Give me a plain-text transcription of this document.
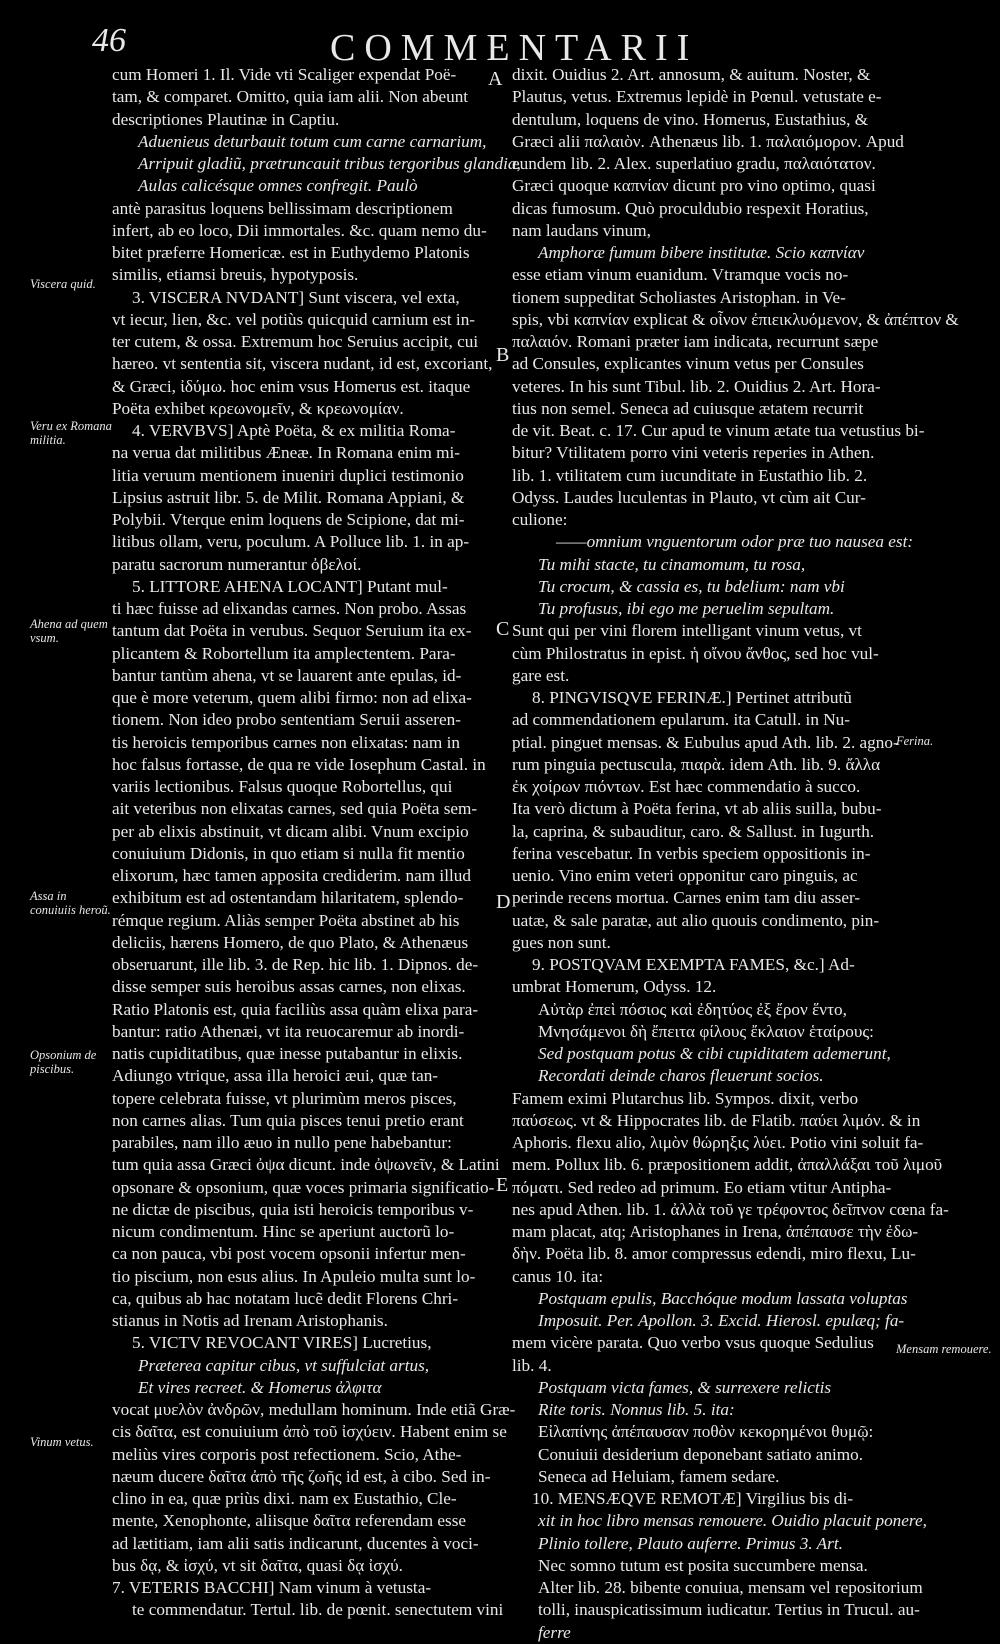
46	COMMENTARII
cum Homeri 1. Il. Vide vti Scaliger expendat Poë-
tam, & comparet. Omitto, quia iam alii. Non abeunt
descriptiones Plautinæ in Captiu.
Aduenieus deturbauit totum cum carne carnarium,
Arripuit gladiũ, prætruncauit tribus tergoribus glandia,
Aulas calicésque omnes confregit. Paulò
antè parasitus loquens bellissimam descriptionem
infert, ab eo loco, Dii immortales. &c. quam nemo du-
bitet præferre Homericæ. est in Euthydemo Platonis
similis, etiamsi breuis, hypotyposis.
3. VISCERA NVDANT] Sunt viscera, vel exta,
vt iecur, lien, &c. vel potiùs quicquid carnium est in-
ter cutem, & ossa. Extremum hoc Seruius accipit, cui
hæreo. vt sententia sit, viscera nudant, id est, excoriant,
& Græci, ἰδύμω. hoc enim vsus Homerus est. itaque
Poëta exhibet κρεωνομεῖν, & κρεωνομίαν.
4. VERVBVS] Aptè Poëta, & ex militia Roma-
na verua dat militibus Æneæ. In Romana enim mi-
litia veruum mentionem inueniri duplici testimonio
Lipsius astruit libr. 5. de Milit. Romana Appiani, &
Polybii. Vterque enim loquens de Scipione, dat mi-
litibus ollam, veru, poculum. A Polluce lib. 1. in ap-
paratu sacrorum numerantur ὀβελοί.
5. LITTORE AHENA LOCANT] Putant mul-
ti hæc fuisse ad elixandas carnes. Non probo. Assas
tantum dat Poëta in verubus. Sequor Seruium ita ex-
plicantem & Robortellum ita amplectentem. Para-
bantur tantùm ahena, vt se lauarent ante epulas, id-
que è more veterum, quem alibi firmo: non ad elixa-
tionem. Non ideo probo sententiam Seruii asseren-
tis heroicis temporibus carnes non elixatas: nam in
hoc falsus fortasse, de qua re vide Iosephum Castal. in
variis lectionibus. Falsus quoque Robortellus, qui
ait veteribus non elixatas carnes, sed quia Poëta sem-
per ab elixis abstinuit, vt dicam alibi. Vnum excipio
conuiuium Didonis, in quo etiam si nulla fit mentio
elixorum, hæc tamen apposita crediderim. nam illud
exhibitum est ad ostentandam hilaritatem, splendo-
rémque regium. Aliàs semper Poëta abstinet ab his
deliciis, hærens Homero, de quo Plato, & Athenæus
obseruarunt, ille lib. 3. de Rep. hic lib. 1. Dipnos. de-
disse semper suis heroibus assas carnes, non elixas.
Ratio Platonis est, quia faciliùs assa quàm elixa para-
bantur: ratio Athenæi, vt ita reuocaremur ab inordi-
natis cupiditatibus, quæ inesse putabantur in elixis.
Adiungo vtrique, assa illa heroici æui, quæ tan-
topere celebrata fuisse, vt plurimùm meros pisces,
non carnes alias. Tum quia pisces tenui pretio erant
parabiles, nam illo æuo in nullo pene habebantur:
tum quia assa Græci ὀψα dicunt. inde ὀψωνεῖν, & Latini
opsonare & opsonium, quæ voces primaria significatio-
ne dictæ de piscibus, quia isti heroicis temporibus v-
nicum condimentum. Hinc se aperiunt auctorũ lo-
ca non pauca, vbi post vocem opsonii infertur men-
tio piscium, non esus alius. In Apuleio multa sunt lo-
ca, quibus ab hac notatam lucẽ dedit Florens Chri-
stianus in Notis ad Irenam Aristophanis.
5. VICTV REVOCANT VIRES] Lucretius,
Præterea capitur cibus, vt suffulciat artus,
Et vires recreet. & Homerus ἀλφιτα
vocat μυελὸν ἀνδρῶν, medullam hominum. Inde etiã Græ-
cis δαῖτα, est conuiuium ἀπὸ τοῦ ἰσχύειν. Habent enim se
meliùs vires corporis post refectionem. Scio, Athe-
næum ducere δαῖτα ἀπὸ τῆς ζωῆς id est, à cibo. Sed in-
clino in ea, quæ priùs dixi. nam ex Eustathio, Cle-
mente, Xenophonte, aliisque δαῖτα referendam esse
ad lætitiam, iam alii satis indicarunt, ducentes à voci-
bus δᾳ, & ἰσχύ, vt sit δαῖτα, quasi δᾳ ἰσχύ.
7. VETERIS BACCHI] Nam vinum à vetusta-
te commendatur. Tertul. lib. de pœnit. senectutem vini
dixit. Ouidius 2. Art. annosum, & auitum. Noster, &
Plautus, vetus. Extremus lepidè in Pœnul. vetustate e-
dentulum, loquens de vino. Homerus, Eustathius, &
Græci alii παλαιὸν. Athenæus lib. 1. παλαιόμορον. Apud
eundem lib. 2. Alex. superlatiuo gradu, παλαιότατον.
Græci quoque καπνίαν dicunt pro vino optimo, quasi
dicas fumosum. Quò proculdubio respexit Horatius,
nam laudans vinum,
Amphoræ fumum bibere institutæ. Scio καπνίαν
esse etiam vinum euanidum. Vtramque vocis no-
tionem suppeditat Scholiastes Aristophan. in Ve-
spis, vbi καπνίαν explicat & οἶνον ἐπιεικλυόμενον, & ἀπέπτον &
παλαιόν. Romani præter iam indicata, recurrunt sæpe
ad Consules, explicantes vinum vetus per Consules
veteres. In his sunt Tibul. lib. 2. Ouidius 2. Art. Hora-
tius non semel. Seneca ad cuiusque ætatem recurrit
de vit. Beat. c. 17. Cur apud te vinum ætate tua vetustius bi-
bitur? Vtilitatem porro vini veteris reperies in Athen.
lib. 1. vtilitatem cum iucunditate in Eustathio lib. 2.
Odyss. Laudes luculentas in Plauto, vt cùm ait Cur-
culione:
——omnium vnguentorum odor præ tuo nausea est:
Tu mihi stacte, tu cinamomum, tu rosa,
Tu crocum, & cassia es, tu bdelium: nam vbi
Tu profusus, ibi ego me peruelim sepultam.
Sunt qui per vini florem intelligant vinum vetus, vt
cùm Philostratus in epist. ἡ οἴνου ἄνθος, sed hoc vul-
gare est.
8. PINGVISQVE FERINÆ.] Pertinet attributũ
ad commendationem epularum. ita Catull. in Nu-
ptial. pinguet mensas. & Eubulus apud Ath. lib. 2. agno-
rum pinguia pectuscula, πιαρὰ. idem Ath. lib. 9. ἄλλα
ἐκ χοίρων πιόντων. Est hæc commendatio à succo.
Ita verò dictum à Poëta ferina, vt ab aliis suilla, bubu-
la, caprina, & subauditur, caro. & Sallust. in Iugurth.
ferina vescebatur. In verbis speciem oppositionis in-
uenio. Vino enim veteri opponitur caro pinguis, ac
perinde recens mortua. Carnes enim tam diu asser-
uatæ, & sale paratæ, aut alio quouis condimento, pin-
gues non sunt.
9. POSTQVAM EXEMPTA FAMES, &c.] Ad-
umbrat Homerum, Odyss. 12.
Αὐτὰρ ἐπεὶ πόσιος καὶ ἐδητύος ἐξ ἔρον ἕντο,
Μνησάμενοι δὴ ἔπειτα φίλους ἔκλαιον ἑταίρους:
Sed postquam potus & cibi cupiditatem ademerunt,
Recordati deinde charos fleuerunt socios.
Famem eximi Plutarchus lib. Sympos. dixit, verbo
παύσεως. vt & Hippocrates lib. de Flatib. παύει λιμόν. & in
Aphoris. flexu alio, λιμὸν θώρηξις λύει. Potio vini soluit fa-
mem. Pollux lib. 6. præpositionem addit, ἀπαλλάξαι τοῦ λιμοῦ
πόματι. Sed redeo ad primum. Eo etiam vtitur Antipha-
nes apud Athen. lib. 1. ἀλλὰ τοῦ γε τρέφοντος δεῖπνον cœna fa-
mam placat, atq; Aristophanes in Irena, ἀπέπαυσε τὴν ἐδω-
δὴν. Poëta lib. 8. amor compressus edendi, miro flexu, Lu-
canus 10. ita:
Postquam epulis, Bacchóque modum lassata voluptas
Imposuit. Per. Apollon. 3. Excid. Hierosl. epulæq; fa-
mem vicère parata. Quo verbo vsus quoque Sedulius
lib. 4.
Postquam victa fames, & surrexere relictis
Rite toris. Nonnus lib. 5. ita:
Εἰλαπίνης ἀπέπαυσαν ποθὸν κεκορημένοι θυμῷ:
Conuiuii desiderium deponebant satiato animo.
Seneca ad Heluiam, famem sedare.
10. MENSÆQVE REMOTÆ] Virgilius bis di-
xit in hoc libro mensas remouere. Ouidio placuit ponere,
Plinio tollere, Plauto auferre. Primus 3. Art.
Nec somno tutum est posita succumbere mensa.
Alter lib. 28. bibente conuiua, mensam vel repositorium
tolli, inauspicatissimum iudicatur. Tertius in Trucul. au-
ferre
Viscera quid.
Veru ex Romana militia.
Ahena ad quem vsum.
Assa in conuiuiis heroũ.
Opsonium de piscibus.
Vinum vetus.
Ferina.
Mensam remouere.
A
B
C
D
E
